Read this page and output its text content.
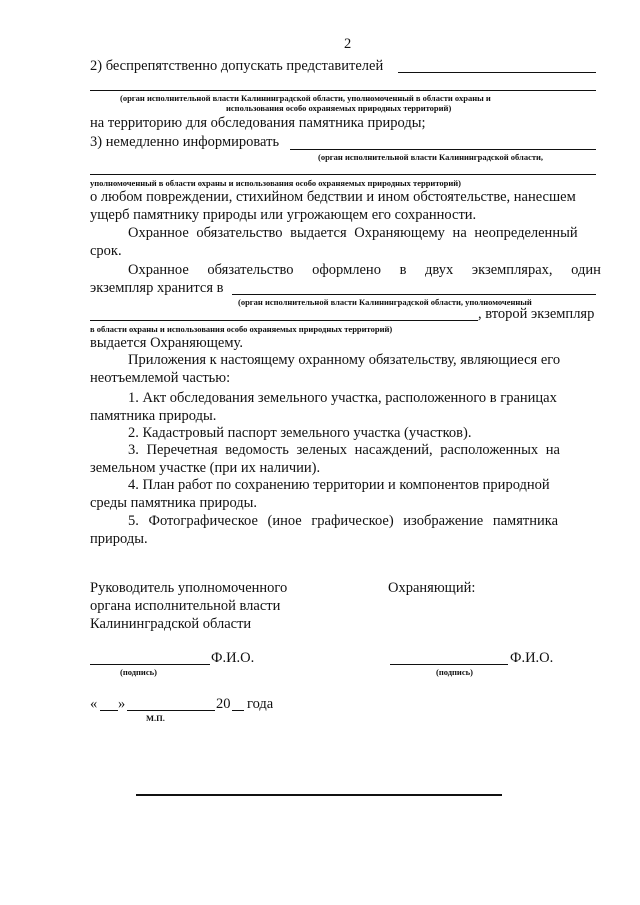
2
2) беспрепятственно допускать представителей
(орган исполнительной власти Калининградской области, уполномоченный в области охраны и
использования особо охраняемых природных территорий)
на территорию для обследования памятника природы;
3) немедленно информировать
(орган исполнительной власти Калининградской области,
уполномоченный в области охраны и использования особо охраняемых природных территорий)
о любом повреждении, стихийном бедствии и ином обстоятельстве, нанесшем
ущерб памятнику природы или угрожающем его сохранности.
Охранное обязательство выдается Охраняющему на неопределенный
срок.
Охранное обязательство оформлено в двух экземплярах, один
экземпляр хранится в
(орган исполнительной власти Калининградской области, уполномоченный
, второй экземпляр
в области охраны и использования особо охраняемых природных территорий)
выдается Охраняющему.
Приложения к настоящему охранному обязательству, являющиеся его
неотъемлемой частью:
1. Акт обследования земельного участка, расположенного в границах
памятника природы.
2. Кадастровый паспорт земельного участка (участков).
3. Перечетная ведомость зеленых насаждений, расположенных на
земельном участке (при их наличии).
4. План работ по сохранению территории и компонентов природной
среды памятника природы.
5. Фотографическое (иное графическое) изображение памятника
природы.
Руководитель уполномоченного
органа исполнительной власти
Калининградской области
Охраняющий:
Ф.И.О.
(подпись)
Ф.И.О.
(подпись)
« »	20 года
М.П.
